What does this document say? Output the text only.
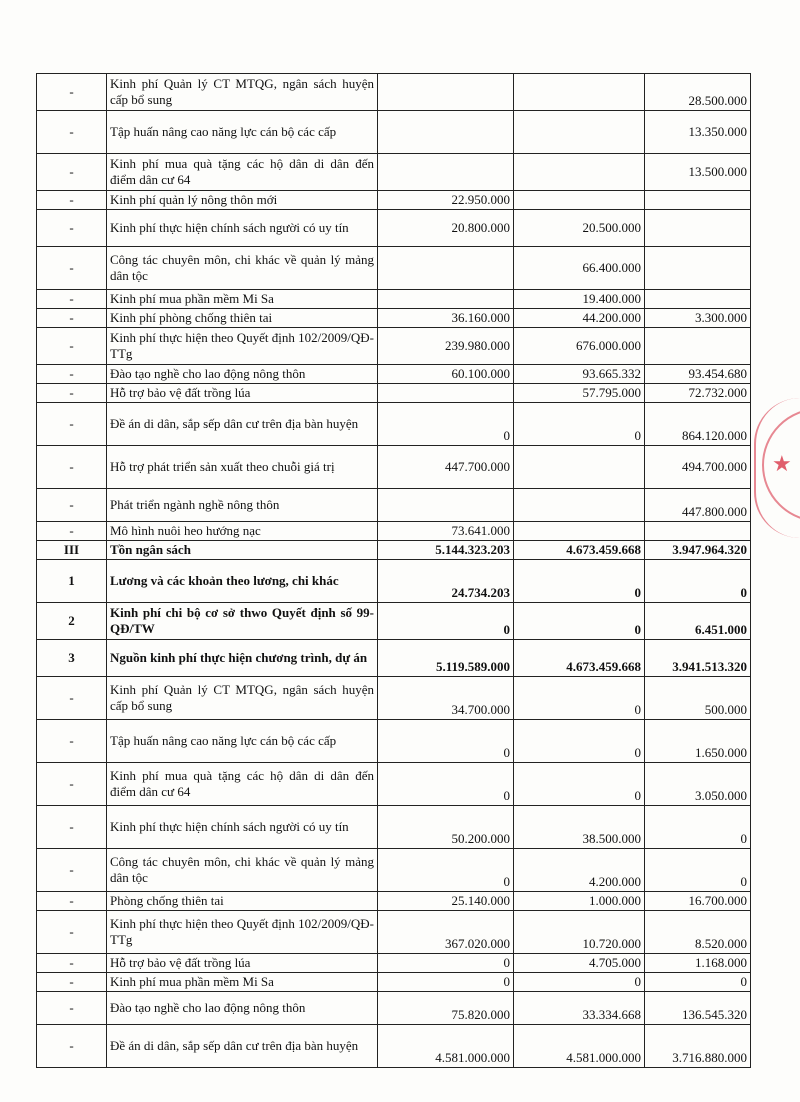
-	Kinh phí Quản lý CT MTQG, ngân sách huyện cấp bổ sung			28.500.000
-	Tập huấn nâng cao năng lực cán bộ các cấp			13.350.000
-	Kinh phí mua quà tặng các hộ dân di dân đến điểm dân cư 64			13.500.000
-	Kinh phí quản lý nông thôn mới	22.950.000		
-	Kinh phí thực hiện chính sách người có uy tín	20.800.000	20.500.000	
-	Công tác chuyên môn, chi khác về quản lý mảng dân tộc		66.400.000	
-	Kinh phí mua phần mềm Mi Sa		19.400.000	
-	Kinh phí phòng chống thiên tai	36.160.000	44.200.000	3.300.000
-	Kinh phí thực hiện theo Quyết định 102/2009/QĐ-TTg	239.980.000	676.000.000	
-	Đào tạo nghề cho lao động nông thôn	60.100.000	93.665.332	93.454.680
-	Hỗ trợ bảo vệ đất trồng lúa		57.795.000	72.732.000
-	Đề án di dân, sắp sếp dân cư trên địa bàn huyện	0	0	864.120.000
-	Hỗ trợ phát triển sản xuất theo chuỗi giá trị	447.700.000		494.700.000
-	Phát triển ngành nghề nông thôn			447.800.000
-	Mô hình nuôi heo hướng nạc	73.641.000		
III	Tồn ngân sách	5.144.323.203	4.673.459.668	3.947.964.320
1	Lương và các khoản theo lương, chi khác	24.734.203	0	0
2	Kinh phí chi bộ cơ sở thwo Quyết định số 99-QĐ/TW	0	0	6.451.000
3	Nguồn kinh phí thực hiện chương trình, dự án	5.119.589.000	4.673.459.668	3.941.513.320
-	Kinh phí Quản lý CT MTQG, ngân sách huyện cấp bổ sung	34.700.000	0	500.000
-	Tập huấn nâng cao năng lực cán bộ các cấp	0	0	1.650.000
-	Kinh phí mua quà tặng các hộ dân di dân đến điểm dân cư 64	0	0	3.050.000
-	Kinh phí thực hiện chính sách người có uy tín	50.200.000	38.500.000	0
-	Công tác chuyên môn, chi khác về quản lý mảng dân tộc	0	4.200.000	0
-	Phòng chống thiên tai	25.140.000	1.000.000	16.700.000
-	Kinh phí thực hiện theo Quyết định 102/2009/QĐ-TTg	367.020.000	10.720.000	8.520.000
-	Hỗ trợ bảo vệ đất trồng lúa	0	4.705.000	1.168.000
-	Kinh phí mua phần mềm Mi Sa	0	0	0
-	Đào tạo nghề cho lao động nông thôn	75.820.000	33.334.668	136.545.320
-	Đề án di dân, sắp sếp dân cư trên địa bàn huyện	4.581.000.000	4.581.000.000	3.716.880.000
★
